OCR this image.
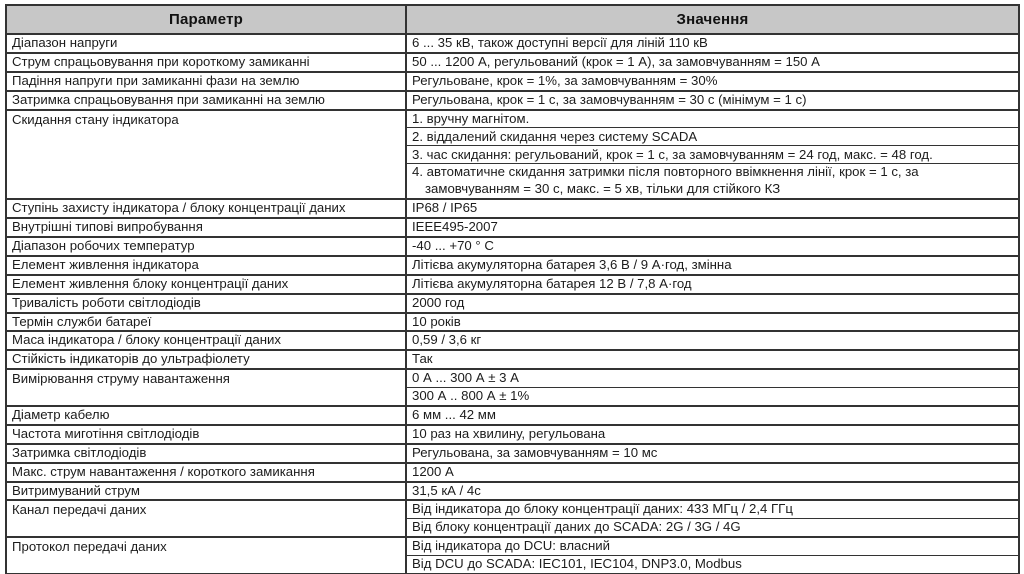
Параметр	Значення
Діапазон напруги	6 ... 35 кВ, також доступні версії для ліній 110 кВ
Струм спрацьовування при короткому замиканні	50 ... 1200 А, регульований (крок = 1 А), за замовчуванням = 150 А
Падіння напруги при замиканні фази на землю	Регульоване, крок = 1%, за замовчуванням = 30%
Затримка спрацьовування при замиканні на землю	Регульована, крок = 1 с, за замовчуванням = 30 с (мінімум = 1 с)
Скидання стану індикатора	1. вручну магнітом.
	2. віддалений скидання через систему SCADA
	3. час скидання: регульований, крок = 1 с, за замовчуванням = 24 год, макс. = 48 год.
	4. автоматичне скидання затримки після повторного ввімкнення лінії, крок = 1 с, за замовчуванням = 30 с, макс. = 5 хв, тільки для стійкого КЗ
Ступінь захисту індикатора / блоку концентрації даних	IP68 / IP65
Внутрішні типові випробування	IEEE495-2007
Діапазон робочих температур	-40 ... +70 ° C
Елемент живлення індикатора	Літієва акумуляторна батарея 3,6 В / 9 А·год, змінна
Елемент живлення блоку концентрації даних	Літієва акумуляторна батарея 12 В / 7,8 А·год
Тривалість роботи світлодіодів	2000 год
Термін служби батареї	10 років
Маса індикатора / блоку концентрації даних	0,59 / 3,6 кг
Стійкість індикаторів до ультрафіолету	Так
Вимірювання струму навантаження	0 А ... 300 А ± 3 А
	300 А .. 800 А ± 1%
Діаметр кабелю	6 мм ... 42 мм
Частота миготіння світлодіодів	10 раз на хвилину, регульована
Затримка світлодіодів	Регульована, за замовчуванням = 10 мс
Макс. струм навантаження / короткого замикання	1200 А
Витримуваний струм	31,5 кА / 4с
Канал передачі даних	Від індикатора до блоку концентрації даних: 433 МГц / 2,4 ГГц
	Від блоку концентрації даних до SCADA: 2G / 3G / 4G
Протокол передачі даних	Від індикатора до DCU: власний
	Від DCU до SCADA: IEC101, IEC104, DNP3.0, Modbus
